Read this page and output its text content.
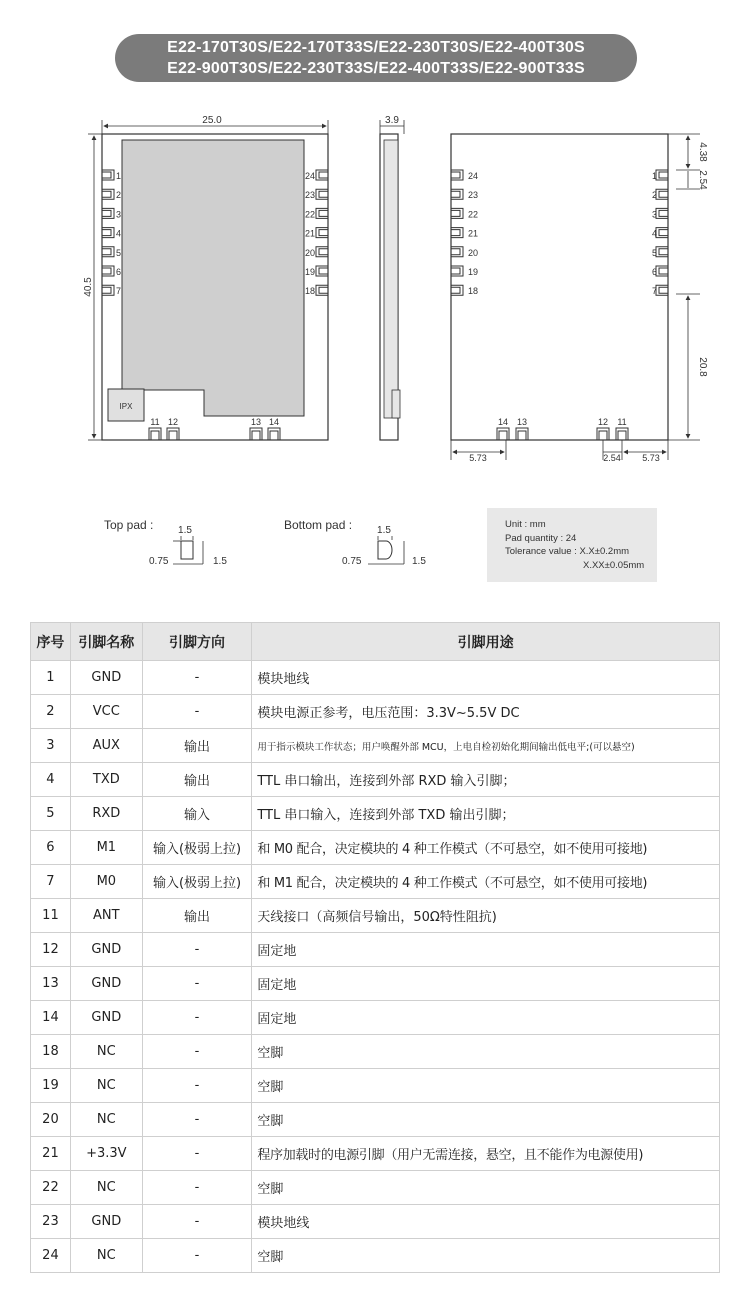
E22-170T30S/E22-170T33S/E22-230T30S/E22-400T30S
E22-900T30S/E22-230T33S/E22-400T33S/E22-900T33S
IPX
1
2
3
4
5
6
7
24
23
22
21
20
19
18
11 12	13 14
25.0
40.5
3.9
1
2
3
4
5
6
7
24
23
22
21
20
19
18
14 13	12 11
4.38
2.54
20.8
5.73	2.54 5.73
Top pad : 1.5
0.75	1.5
Bottom pad :	1.5
0.75	1.5
Unit : mm
Pad quantity : 24
Tolerance value : X.X±0.2mm
X.XX±0.05mm
序号	引脚名称	引脚方向	引脚用途
1	GND	-	模块地线
2	VCC	-	模块电源正参考，电压范围：3.3V~5.5V DC
3	AUX	输出	用于指示模块工作状态；用户唤醒外部 MCU，上电自检初始化期间输出低电平;(可以悬空)
4	TXD	输出	TTL 串口输出，连接到外部 RXD 输入引脚；
5	RXD	输入	TTL 串口输入，连接到外部 TXD 输出引脚；
6	M1	输入(极弱上拉)	和 M0 配合，决定模块的 4 种工作模式（不可悬空，如不使用可接地)
7	M0	输入(极弱上拉)	和 M1 配合，决定模块的 4 种工作模式（不可悬空，如不使用可接地)
11	ANT	输出	天线接口（高频信号输出，50Ω特性阻抗)
12	GND	-	固定地
13	GND	-	固定地
14	GND	-	固定地
18	NC	-	空脚
19	NC	-	空脚
20	NC	-	空脚
21	+3.3V	-	程序加载时的电源引脚（用户无需连接，悬空，且不能作为电源使用)
22	NC	-	空脚
23	GND	-	模块地线
24	NC	-	空脚
